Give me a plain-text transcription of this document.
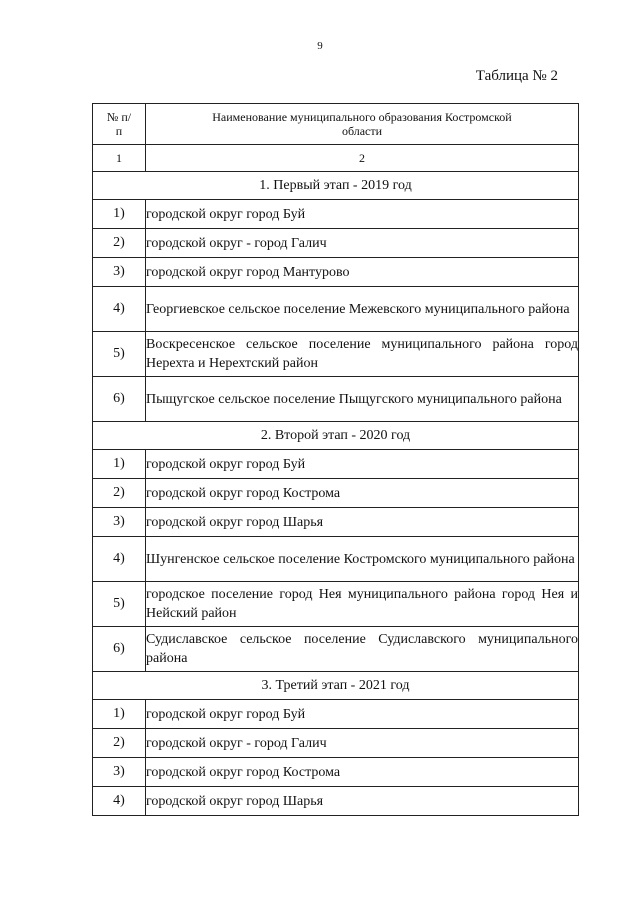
9
Таблица № 2
№ п/п	Наименование муниципального образования Костромской области
1	2
1. Первый этап - 2019 год	
1)	городской округ город Буй
2)	городской округ - город Галич
3)	городской округ город Мантурово
4)	Георгиевское сельское поселение Межевского муниципального района
5)	Воскресенское сельское поселение муниципального района город Нерехта и Нерехтский район
6)	Пыщугское сельское поселение Пыщугского муниципального района
2. Второй этап - 2020 год	
1)	городской округ город Буй
2)	городской округ город Кострома
3)	городской округ город Шарья
4)	Шунгенское сельское поселение Костромского муниципального района
5)	городское поселение город Нея муниципального района город Нея и Нейский район
6)	Судиславское сельское поселение Судиславского муниципального района
3. Третий этап - 2021 год	
1)	городской округ город Буй
2)	городской округ - город Галич
3)	городской округ город Кострома
4)	городской округ город Шарья
